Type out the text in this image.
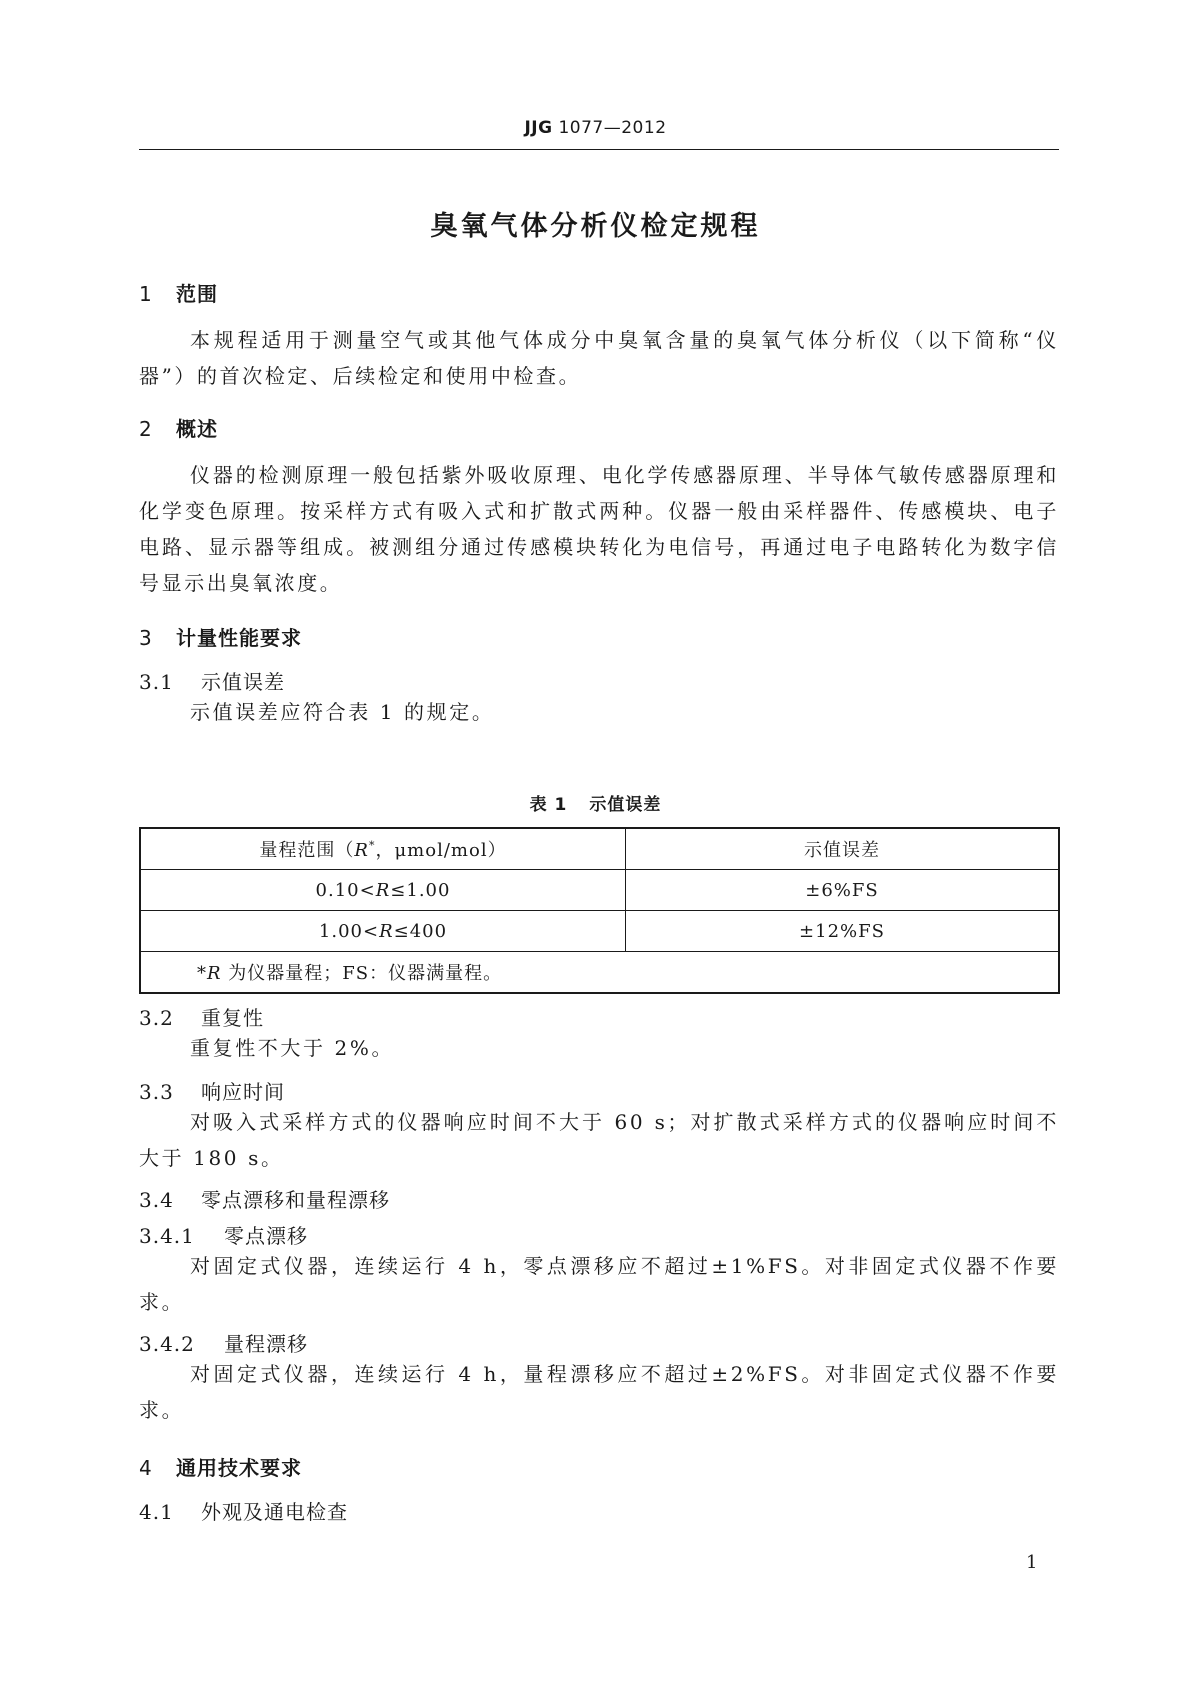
JJG 1077—2012
臭氧气体分析仪检定规程
1 范围
本规程适用于测量空气或其他气体成分中臭氧含量的臭氧气体分析仪（以下简称“仪器”）的首次检定、后续检定和使用中检查。
2 概述
仪器的检测原理一般包括紫外吸收原理、电化学传感器原理、半导体气敏传感器原理和化学变色原理。按采样方式有吸入式和扩散式两种。仪器一般由采样器件、传感模块、电子电路、显示器等组成。被测组分通过传感模块转化为电信号，再通过电子电路转化为数字信号显示出臭氧浓度。
3 计量性能要求
3.1 示值误差
示值误差应符合表 1 的规定。
表 1 示值误差
量程范围（R*，μmol/mol）	示值误差
0.10<R≤1.00	±6%FS
1.00<R≤400	±12%FS
*R 为仪器量程；FS：仪器满量程。	
3.2 重复性
重复性不大于 2%。
3.3 响应时间
对吸入式采样方式的仪器响应时间不大于 60 s；对扩散式采样方式的仪器响应时间不大于 180 s。
3.4 零点漂移和量程漂移
3.4.1 零点漂移
对固定式仪器，连续运行 4 h，零点漂移应不超过±1%FS。对非固定式仪器不作要求。
3.4.2 量程漂移
对固定式仪器，连续运行 4 h，量程漂移应不超过±2%FS。对非固定式仪器不作要求。
4 通用技术要求
4.1 外观及通电检查
1
